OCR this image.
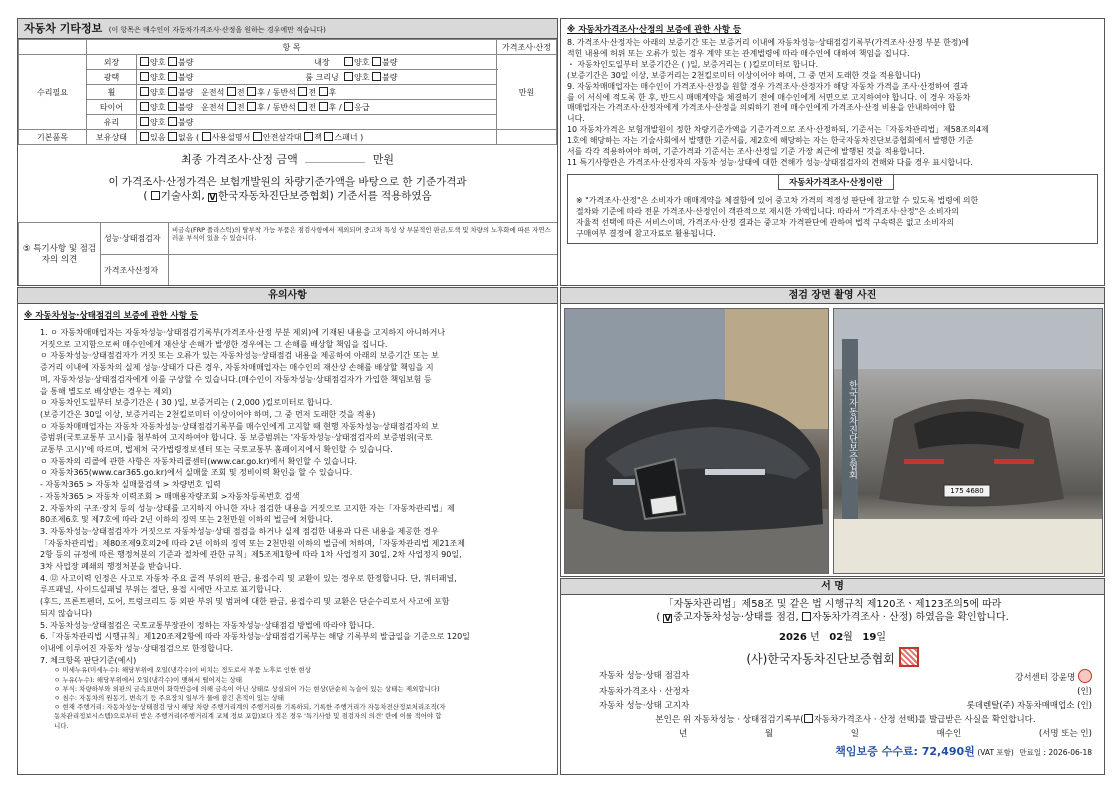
자동차 기타정보 (이 항목은 매수인이 자동차가격조사·산정을 원하는 경우에만 적습니다)
	항 목		가격조사·산정
수리필요	외장	양호 불량 내장 양호 불량	만원
	광택	양호 불량 룸 크리닝 양호 불량	
	휠	양호 불량 운전석 전 후 / 동반석 전 후	
	타이어	양호 불량 운전석 전 후 / 동반석 전 후 / 응급	
	유리	양호 불량	
기본품목	보유상태	있음 없음 ( 사용설명서 안전삼각대 잭 스패너 )	
최종 가격조사·산정 금액	만원
이 가격조사·산정가격은 보험개발원의 차량기준가액을 바탕으로 한 기준가격과
( 기술사회, V 한국자동차진단보증협회) 기준서를 적용하였음
⑤ 특기사항 및 점검자의 의견	성능·상태점검자	비금속(FRP 플라스틱)의 탈부착 가능 부품은 점검사항에서 제외되며 중고차 특성 상 부분적인 판금,도색 및 차량의 노후화에 따른 자연스러운 부식이 있을 수 있습니다.
	가격조사산정자	
※ 자동차가격조사·산정의 보증에 관한 사항 등
8. 가격조사·산정자는 아래의 보증기간 또는 보증거리 이내에 자동차성능·상태점검기록부(가격조사·산정 부분 한정)에
적힌 내용에 허위 또는 오류가 있는 경우 계약 또는 관계법령에 따라 매수인에 대하여 책임을 집니다.
・ 자동차인도일부터 보증기간은 ( )일, 보증거리는 ( )킬로미터로 합니다.
(보증기간은 30일 이상, 보증거리는 2천킬로미터 이상이어야 하며, 그 중 먼저 도래한 것을 적용합니다)
9. 자동차매매업자는 매수인이 가격조사·산정을 원할 경우 가격조사·산정자가 해당 자동차 가격을 조사·산정하여 결과
를 이 서식에 적도록 한 후, 반드시 매매계약을 체결하기 전에 매수인에게 서면으로 고지하여야 합니다. 이 경우 자동차
매매업자는 가격조사·산정자에게 가격조사·산정을 의뢰하기 전에 매수인에게 가격조사·산정 비용을 안내하여야 합
니다.
10 자동차가격은 보험개발원이 정한 차량기준가액을 기준가격으로 조사·산정하되, 기준서는「자동차관리법」제58조의4제
1호에 해당하는 자는 기술사회에서 발행한 기준서를, 제2호에 해당하는 자는 한국자동차진단보증협회에서 발행한 기준
서를 각각 적용하여야 하며, 기준가격과 기준서는 조사·산정일 기준 가장 최근에 발행된 것을 적용합니다.
11 특기사항란은 가격조사·산정자의 자동차 성능·상태에 대한 견해가 성능·상태점검자의 견해와 다를 경우 표시합니다.
자동차가격조사·산정이란
※ "가격조사·산정"은 소비자가 매매계약을 체결함에 있어 중고차 가격의 적정성 판단에 참고할 수 있도록 법령에 의한
절차와 기준에 따라 전문 가격조사·산정인이 객관적으로 제시한 가액입니다. 따라서 "가격조사·산정"은 소비자의
자율적 선택에 따른 서비스이며, 가격조사·산정 결과는 중고차 가격판단에 관하여 법적 구속력은 없고 소비자의
구매여부 결정에 참고자료로 활용됩니다.
유의사항
※ 자동차성능·상태점검의 보증에 관한 사항 등
1. ㅇ 자동차매매업자는 자동차성능·상태점검기록부(가격조사·산정 부분 제외)에 기재된 내용을 고지하지 아니하거나
거짓으로 고지함으로써 매수인에게 재산상 손해가 발생한 경우에는 그 손해를 배상할 책임을 집니다.
ㅇ 자동차성능·상태점검자가 거짓 또는 오류가 있는 자동차성능·상태점검 내용을 제공하여 아래의 보증기간 또는 보
증거리 이내에 자동차의 실제 성능·상태가 다른 경우, 자동차매매업자는 매수인의 재산상 손해를 배상할 책임을 지
며, 자동차성능·상태점검자에게 이를 구상할 수 있습니다.(매수인이 자동차성능·상태점검자가 가입한 책임보험 등
을 통해 별도로 배상받는 경우는 제외)
ㅇ 자동차인도일부터 보증기간은 ( 30 )일, 보증거리는 ( 2,000 )킬로미터로 합니다.
(보증기간은 30일 이상, 보증거리는 2천킬로미터 이상이어야 하며, 그 중 먼저 도래한 것을 적용)
ㅇ 자동차매매업자는 자동차 자동차성능·상태점검기록부를 매수인에게 고지할 때 현행 자동차성능·상태점검자의 보
증범위(국토교통부 고시)를 첨부하여 고지하여야 합니다. 동 보증범위는 '자동차성능·상태점검자의 보증범위(국토
교통부 고시)'에 따르며, 법제처 국가법령정보센터 또는 국토교통부 홈페이지에서 확인할 수 있습니다.
ㅇ 자동차의 리콜에 관한 사항은 자동차리콜센터(www.car.go.kr)에서 확인할 수 있습니다.
ㅇ 자동차365(www.car365.go.kr)에서 실매물 조회 및 정비이력 확인을 할 수 있습니다.
- 자동차365 > 자동차 실매물검색 > 차량번호 입력
- 자동차365 > 자동차 이력조회 > 매매용자량조회 >자동차등록번호 검색
2. 자동차의 구조·장치 등의 성능·상태를 고지하지 아니한 자나 점검한 내용을 거짓으로 고지한 자는「자동차관리법」제
80조제6호 및 제7호에 따라 2년 이하의 징역 또는 2천만원 이하의 벌금에 처합니다.
3. 자동차성능·상태점검자가 거짓으로 자동차성능·상태 점검을 하거나 실제 점검한 내용과 다른 내용을 제공한 경우
「자동차관리법」제80조제9호의2에 따라 2년 이하의 징역 또는 2천만원 이하의 벌금에 처하며,「자동차관리법 제21조제
2항 등의 규정에 따른 행정처분의 기준과 절차에 관한 규칙」제5조제1항에 따라 1차 사업정지 30일, 2차 사업정지 90일,
3차 사업장 폐쇄의 행정처분을 받습니다.
4. ⑫ 사고이력 인정은 사고로 자동차 주요 골격 부위의 판금, 용접수리 및 교환이 있는 경우로 한정합니다. 단, 쿼터패널,
루프패널, 사이드실패널 부위는 절단, 용접 시에만 사고로 표기합니다.
(후드, 프론트펜더, 도어, 트렁크리드 등 외판 부위 및 범퍼에 대한 판금, 용접수리 및 교환은 단순수리로서 사고에 포함
되지 않습니다)
5. 자동차성능·상태점검은 국토교통부장관이 정하는 자동차성능·상태점검 방법에 따라야 합니다.
6.「자동차관리법 시행규칙」제120조제2항에 따라 자동차성능·상태점검기록부는 해당 기록부의 발급일을 기준으로 120일
이내에 이루어진 자동차 성능·상태점검으로 한정합니다.
7. 체크항목 판단기준(예시)
ㅇ 미세누유(미세누수): 해당부위에 오일(냉각수)이 비치는 정도로서 부품 노후로 인한 현상
ㅇ 누유(누수): 해당부위에서 오일(냉각수)이 맺혀서 떨어지는 상태
ㅇ 부식: 차량하부와 외판의 금속표면이 화학반응에 의해 금속이 아닌 상태로 상실되어 가는 현상(단순히 녹슬어 있는 상태는 제외합니다)
ㅇ 침수: 자동차의 원동기, 변속기 등 주요장치 일부가 물에 잠긴 흔적이 있는 상태
ㅇ 현재 주행거리: 자동차성능·상태점검 당시 해당 차량 주행거리계의 주행거리를 기록하되, 기록한 주행거리가 자동차전산정보처리조직(자
동차관리정보시스템)으로부터 받은 주행거리(주행거리계 교체 정보 포함)보다 적은 경우 '특기사항 및 점검자의 의견' 란에 이를 적어야 합
니다.
점검 장면 촬영 사진
한국자동차진단보증협회
175 4680
서 명
「자동차관리법」제58조 및 같은 법 시행규칙 제120조ㆍ제123조의5에 따라
( V 중고자동차성능·상태를 점검, 자동차가격조사 · 산정) 하였음을 확인합니다.
2026 년 02월 19일
(사)한국자동차진단보증협회
자동차 성능·상태 점검자	강서센터 강윤명
자동차가격조사 · 산정자	(인)
자동차 성능·상태 고지자	롯데렌탈(주) 자동차매매업소 (인)
본인은 위 자동차성능 · 상태점검기록부( 자동차가격조사 · 산정 선택)를 발급받은 사실을 확인합니다.
년	월	일	매수인	(서명 또는 인)
책임보증 수수료: 72,490원 (VAT 포함) 만료일 : 2026-06-18
